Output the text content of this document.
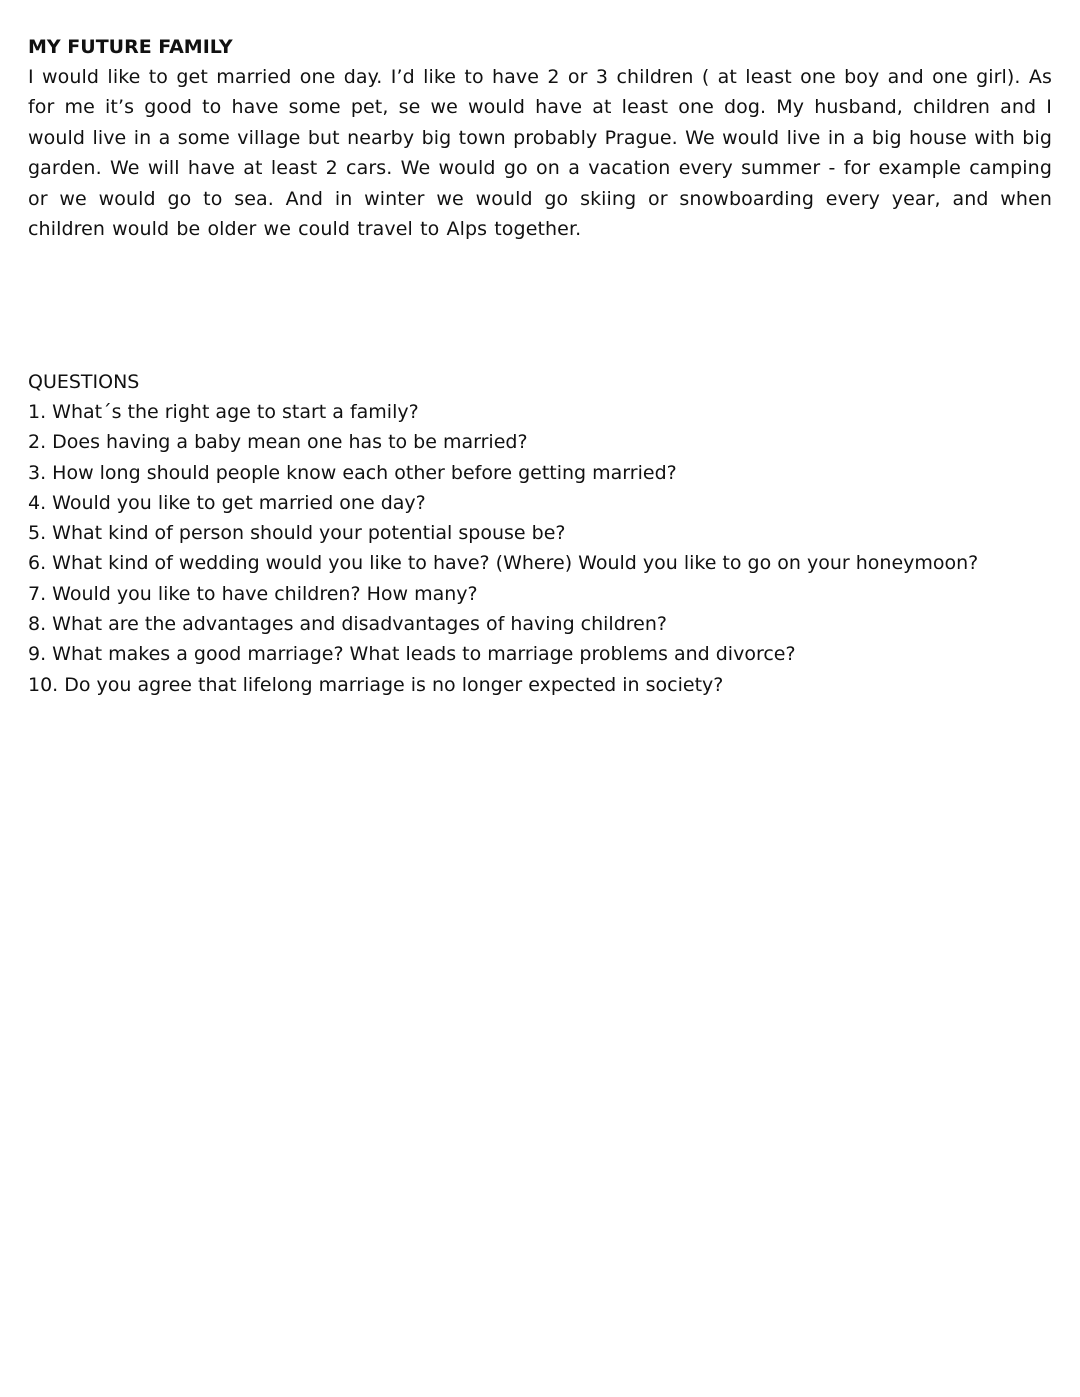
MY FUTURE FAMILY

I would like to get married one day. I’d like to have 2 or 3 children ( at least one boy and one girl). As for me it’s good to have some pet, se we would have at least one dog. My husband, children and I would live in a some village but nearby big town probably Prague. We would live in a big house with big garden. We will have at least 2 cars. We would go on a vacation every summer - for example camping or we would go to sea. And in winter we would go skiing or snowboarding every year, and when children would be older we could travel to Alps together.

QUESTIONS

1. What´s the right age to start a family?
2. Does having a baby mean one has to be married?
3. How long should people know each other before getting married?
4. Would you like to get married one day?
5. What kind of person should your potential spouse be?
6. What kind of wedding would you like to have? (Where) Would you like to go on your honeymoon?
7. Would you like to have children? How many?
8. What are the advantages and disadvantages of having children?
9. What makes a good marriage? What leads to marriage problems and divorce?
10. Do you agree that lifelong marriage is no longer expected in society?
